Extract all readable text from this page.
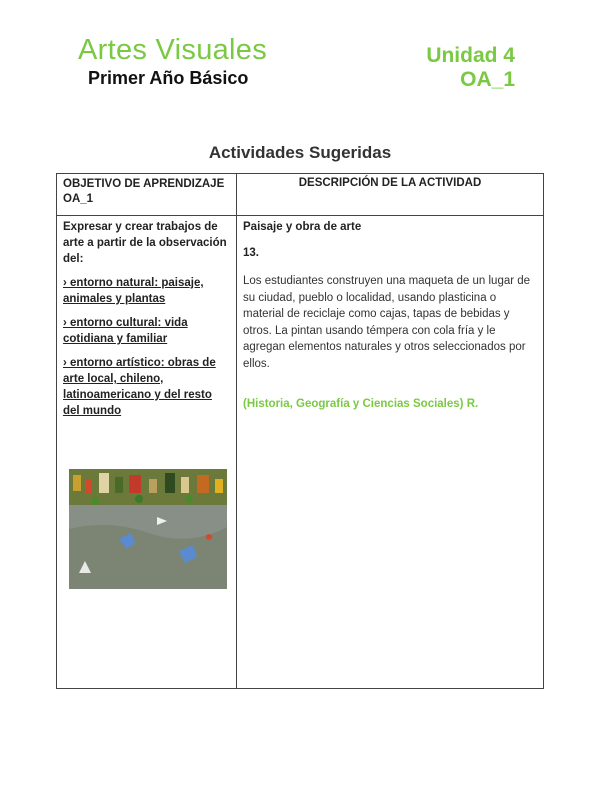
Artes Visuales
Primer Año Básico
Unidad 4
OA_1
Actividades Sugeridas
OBJETIVO DE APRENDIZAJE OA_1
DESCRIPCIÓN DE LA ACTIVIDAD

Expresar y crear trabajos de arte a partir de la observación del:

› entorno natural: paisaje, animales y plantas

› entorno cultural: vida cotidiana y familiar

› entorno artístico: obras de arte local, chileno, latinoamericano y del resto del mundo

Paisaje y obra de arte

13.

Los estudiantes construyen una maqueta de un lugar de su ciudad, pueblo o localidad, usando plasticina o material de reciclaje como cajas, tapas de bebidas y otros. La pintan usando témpera con cola fría y le agregan elementos naturales y otros seleccionados por ellos.

(Historia, Geografía y Ciencias Sociales) R.
